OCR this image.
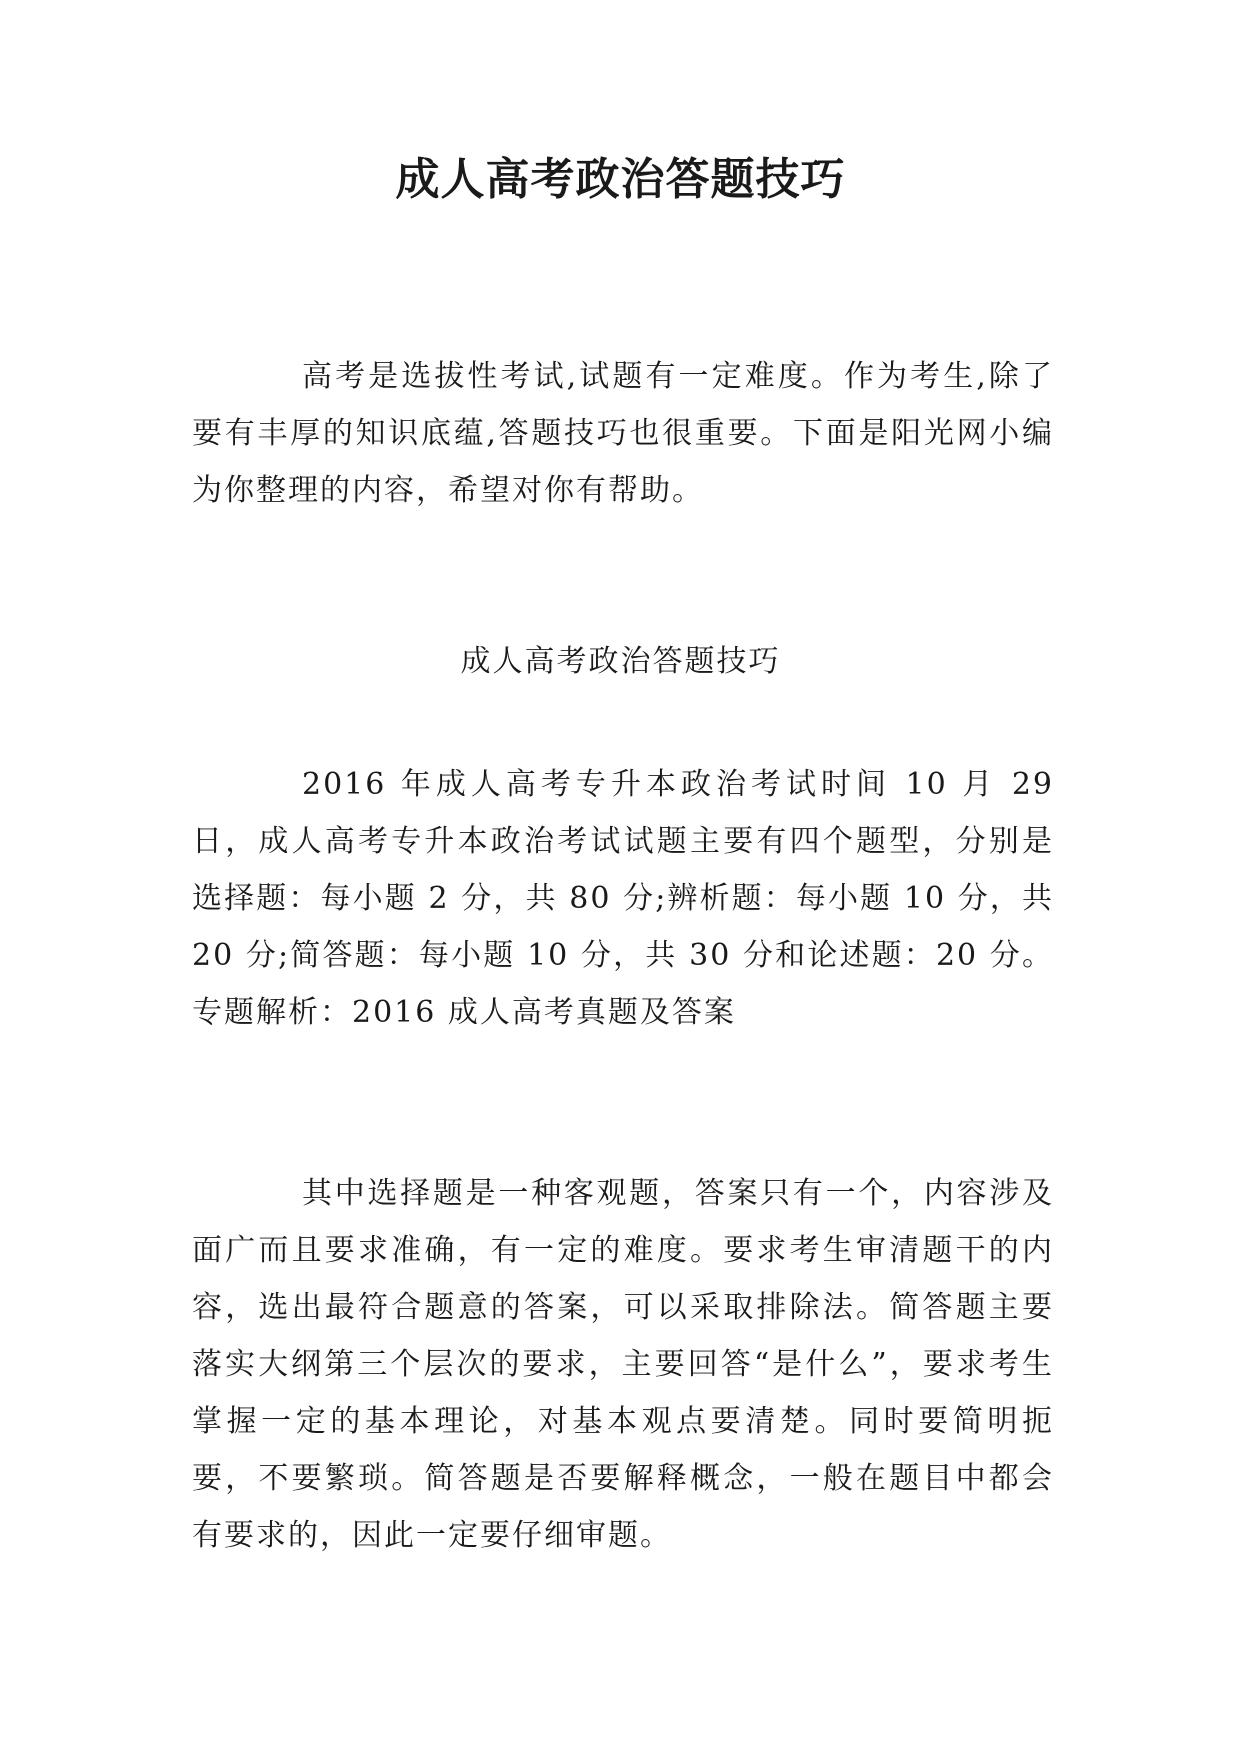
成人高考政治答题技巧

高考是选拔性考试,试题有一定难度。作为考生,除了要有丰厚的知识底蕴,答题技巧也很重要。下面是阳光网小编为你整理的内容，希望对你有帮助。

成人高考政治答题技巧

2016 年成人高考专升本政治考试时间 10 月 29 日，成人高考专升本政治考试试题主要有四个题型，分别是选择题：每小题 2 分，共 80 分;辨析题：每小题 10 分，共 20 分;简答题：每小题 10 分，共 30 分和论述题：20 分。专题解析：2016 成人高考真题及答案

其中选择题是一种客观题，答案只有一个，内容涉及面广而且要求准确，有一定的难度。要求考生审清题干的内容，选出最符合题意的答案，可以采取排除法。简答题主要落实大纲第三个层次的要求，主要回答“是什么”，要求考生掌握一定的基本理论，对基本观点要清楚。同时要简明扼要，不要繁琐。简答题是否要解释概念，一般在题目中都会有要求的，因此一定要仔细审题。
